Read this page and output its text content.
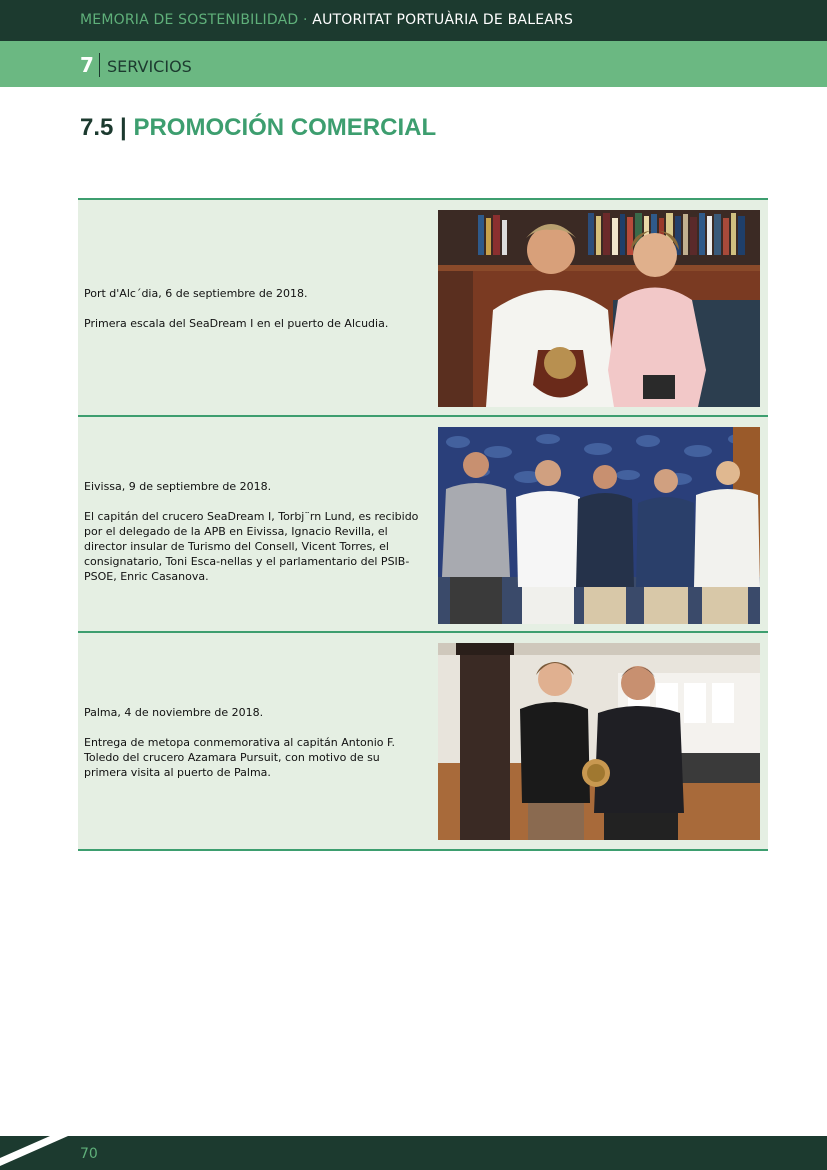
MEMORIA DE SOSTENIBILIDAD · AUTORITAT PORTUÀRIA DE BALEARS
7 SERVICIOS
7.5 | PROMOCIÓN COMERCIAL

Port d'Alc´dia, 6 de septiembre de 2018.

Primera escala del SeaDream I en el puerto de Alcudia.

Eivissa, 9 de septiembre de 2018.

El capitán del crucero SeaDream I, Torbj¨rn Lund, es recibido por el delegado de la APB en Eivissa, Ignacio Revilla, el director insular de Turismo del Consell, Vicent Torres, el consignatario, Toni Esca-nellas y el parlamentario del PSIB-PSOE, Enric Casanova.

Palma, 4 de noviembre de 2018.

Entrega de metopa conmemorativa al capitán Antonio F. Toledo del crucero Azamara Pursuit, con motivo de su primera visita al puerto de Palma.

70
